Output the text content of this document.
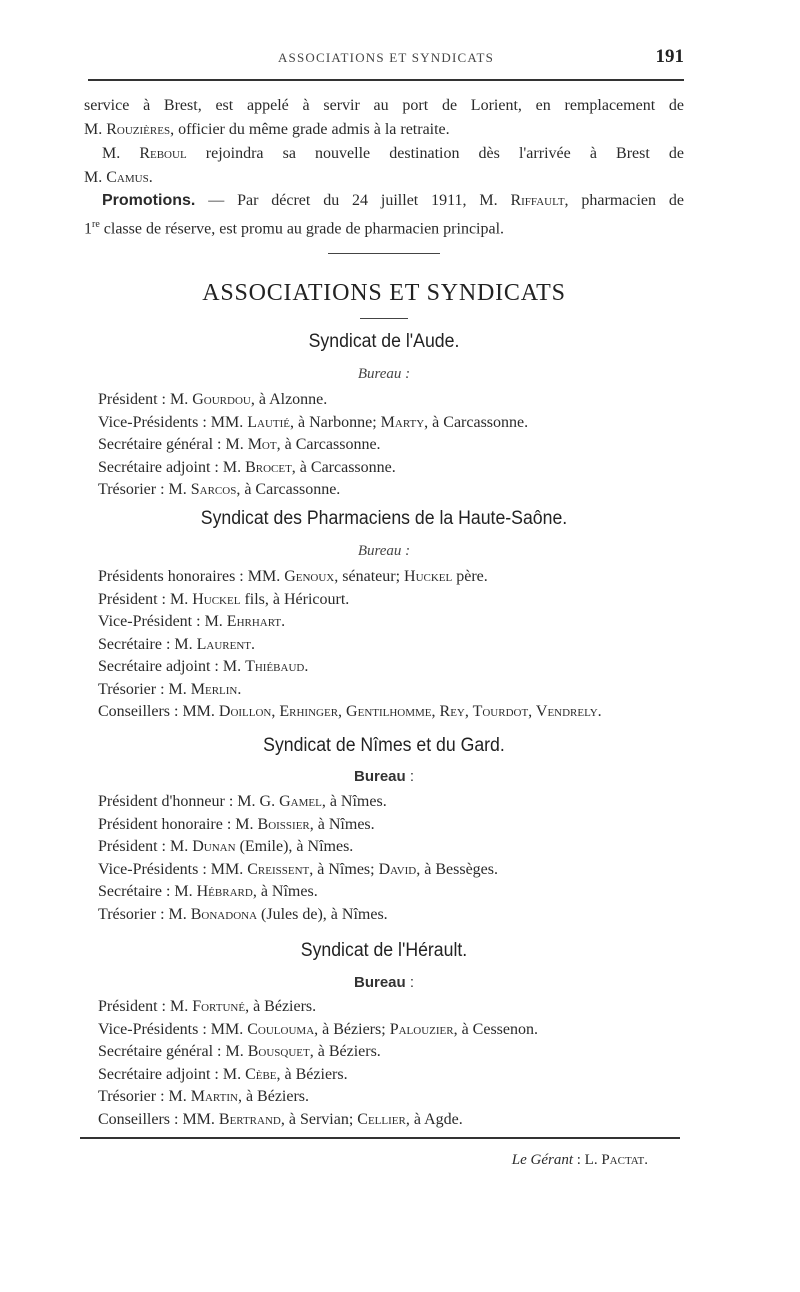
ASSOCIATIONS ET SYNDICATS	191

service à Brest, est appelé à servir au port de Lorient, en remplacement de

M. Rouzières, officier du même grade admis à la retraite.

M. Reboul rejoindra sa nouvelle destination dès l'arrivée à Brest de

M. Camus.

Promotions. — Par décret du 24 juillet 1911, M. Riffault, pharmacien de

1re classe de réserve, est promu au grade de pharmacien principal.

ASSOCIATIONS ET SYNDICATS
Syndicat de l'Aude.
Bureau :
Président : M. Gourdou, à Alzonne.
Vice-Présidents : MM. Lautié, à Narbonne; Marty, à Carcassonne.
Secrétaire général : M. Mot, à Carcassonne.
Secrétaire adjoint : M. Brocet, à Carcassonne.
Trésorier : M. Sarcos, à Carcassonne.
Syndicat des Pharmaciens de la Haute-Saône.
Bureau :
Présidents honoraires : MM. Genoux, sénateur; Huckel père.
Président : M. Huckel fils, à Héricourt.
Vice-Président : M. Ehrhart.
Secrétaire : M. Laurent.
Secrétaire adjoint : M. Thiébaud.
Trésorier : M. Merlin.
Conseillers : MM. Doillon, Erhinger, Gentilhomme, Rey, Tourdot, Vendrely.
Syndicat de Nîmes et du Gard.
Bureau :
Président d'honneur : M. G. Gamel, à Nîmes.
Président honoraire : M. Boissier, à Nîmes.
Président : M. Dunan (Emile), à Nîmes.
Vice-Présidents : MM. Creissent, à Nîmes; David, à Bessèges.
Secrétaire : M. Hébrard, à Nîmes.
Trésorier : M. Bonadona (Jules de), à Nîmes.
Syndicat de l'Hérault.
Bureau :
Président : M. Fortuné, à Béziers.
Vice-Présidents : MM. Coulouma, à Béziers; Palouzier, à Cessenon.
Secrétaire général : M. Bousquet, à Béziers.
Secrétaire adjoint : M. Cèbe, à Béziers.
Trésorier : M. Martin, à Béziers.
Conseillers : MM. Bertrand, à Servian; Cellier, à Agde.
Le Gérant : L. Pactat.
